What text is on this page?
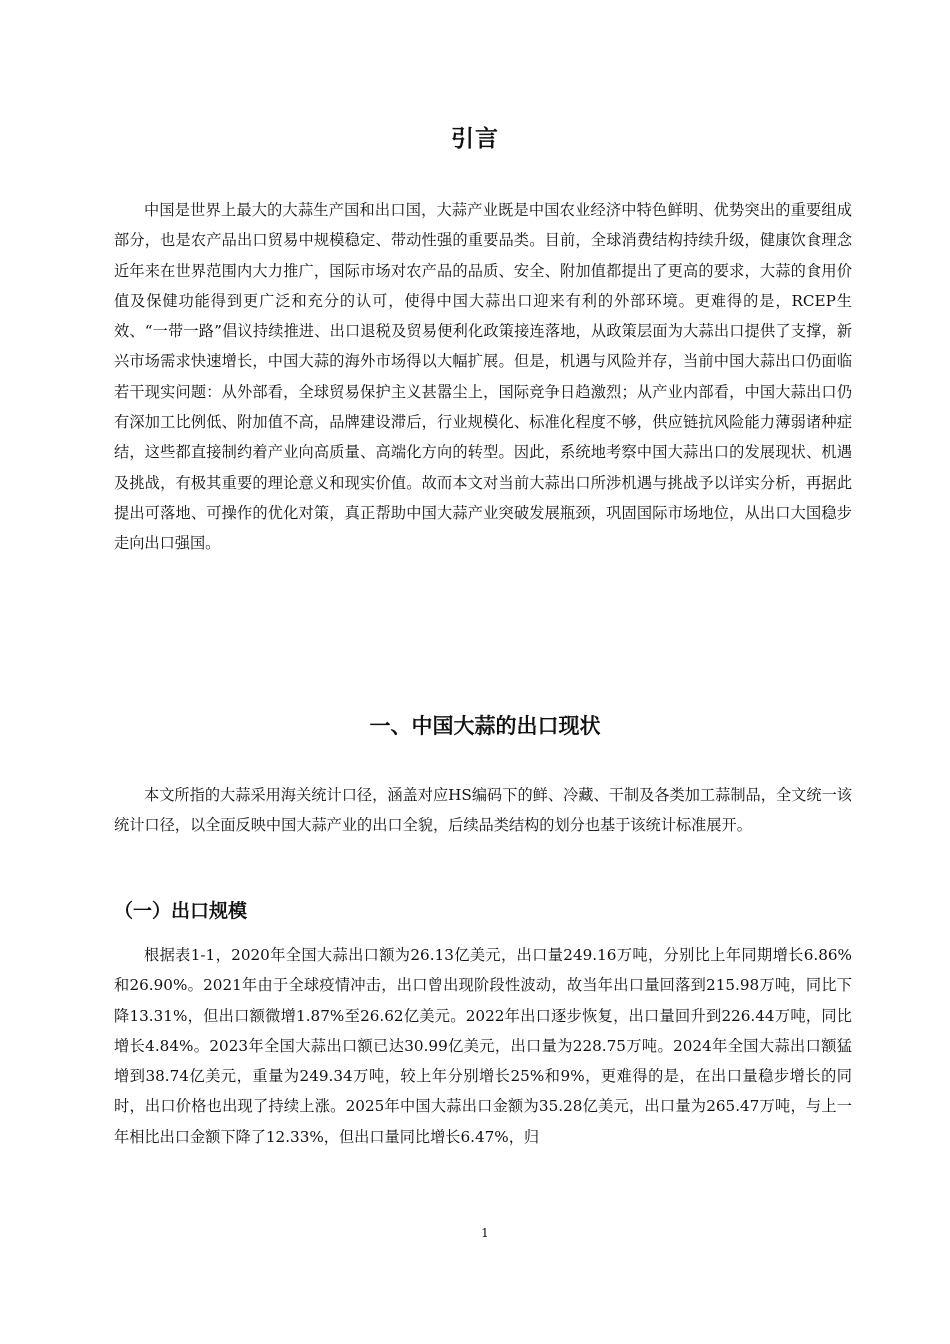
引言

中国是世界上最大的大蒜生产国和出口国，大蒜产业既是中国农业经济中特色鲜明、优势突出的重要组成部分，也是农产品出口贸易中规模稳定、带动性强的重要品类。目前，全球消费结构持续升级，健康饮食理念近年来在世界范围内大力推广，国际市场对农产品的品质、安全、附加值都提出了更高的要求，大蒜的食用价值及保健功能得到更广泛和充分的认可，使得中国大蒜出口迎来有利的外部环境。更难得的是，RCEP生效、“一带一路”倡议持续推进、出口退税及贸易便利化政策接连落地，从政策层面为大蒜出口提供了支撑，新兴市场需求快速增长，中国大蒜的海外市场得以大幅扩展。但是，机遇与风险并存，当前中国大蒜出口仍面临若干现实问题：从外部看，全球贸易保护主义甚嚣尘上，国际竞争日趋激烈；从产业内部看，中国大蒜出口仍有深加工比例低、附加值不高，品牌建设滞后，行业规模化、标准化程度不够，供应链抗风险能力薄弱诸种症结，这些都直接制约着产业向高质量、高端化方向的转型。因此，系统地考察中国大蒜出口的发展现状、机遇及挑战，有极其重要的理论意义和现实价值。故而本文对当前大蒜出口所涉机遇与挑战予以详实分析，再据此提出可落地、可操作的优化对策，真正帮助中国大蒜产业突破发展瓶颈，巩固国际市场地位，从出口大国稳步走向出口强国。

一、中国大蒜的出口现状

本文所指的大蒜采用海关统计口径，涵盖对应HS编码下的鲜、冷藏、干制及各类加工蒜制品，全文统一该统计口径，以全面反映中国大蒜产业的出口全貌，后续品类结构的划分也基于该统计标准展开。

（一）出口规模

根据表1-1，2020年全国大蒜出口额为26.13亿美元，出口量249.16万吨，分别比上年同期增长6.86%和26.90%。2021年由于全球疫情冲击，出口曾出现阶段性波动，故当年出口量回落到215.98万吨，同比下降13.31%，但出口额微增1.87%至26.62亿美元。2022年出口逐步恢复，出口量回升到226.44万吨，同比增长4.84%。2023年全国大蒜出口额已达30.99亿美元，出口量为228.75万吨。2024年全国大蒜出口额猛增到38.74亿美元，重量为249.34万吨，较上年分别增长25%和9%，更难得的是，在出口量稳步增长的同时，出口价格也出现了持续上涨。2025年中国大蒜出口金额为35.28亿美元，出口量为265.47万吨，与上一年相比出口金额下降了12.33%，但出口量同比增长6.47%，归

1
